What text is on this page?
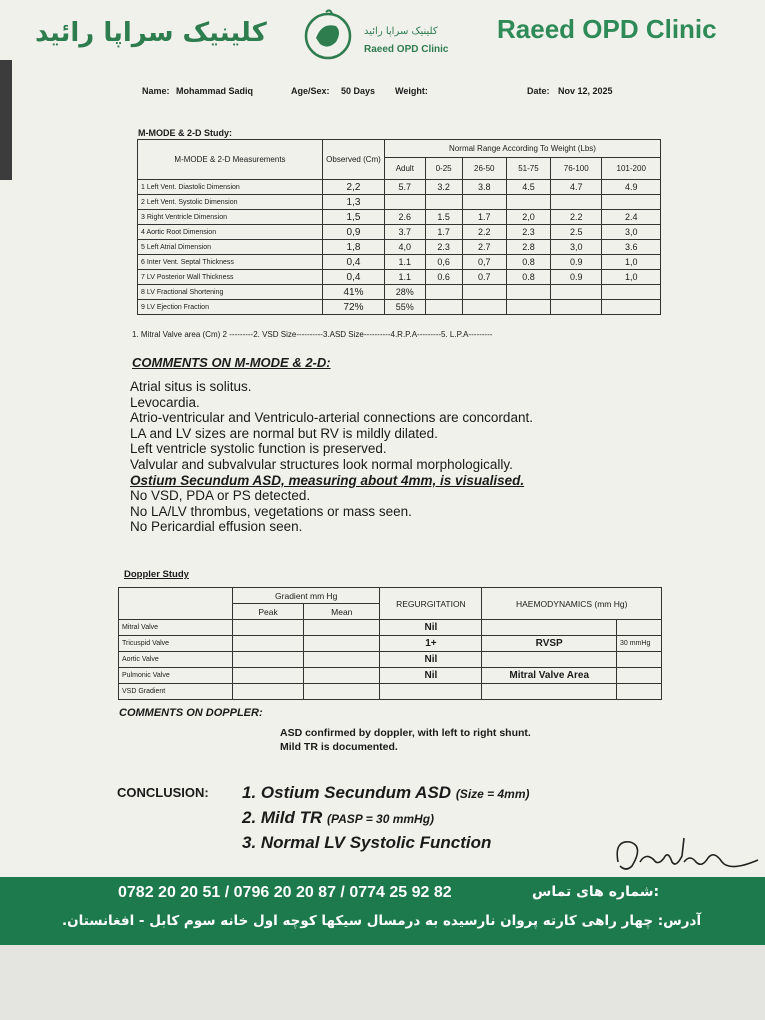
کلینیک سراپا رائید	کلینیک سراپا رائید
Raeed OPD Clinic
Raeed OPD Clinic
Name: Mohammad Sadiq	Age/Sex: 50 Days Weight:	Date: Nov 12, 2025
M-MODE & 2-D Study:
M-MODE & 2-D Measurements	Observed (Cm)	Normal Range According To Weight (Lbs)					
		Adult	0-25	26-50	51-75	76-100	101-200
1 Left Vent. Diastolic Dimension	2,2	5.7	3.2	3.8	4.5	4.7	4.9
2 Left Vent. Systolic Dimension	1,3						
3 Right Ventricle Dimension	1,5	2.6	1.5	1.7	2,0	2.2	2.4
4 Aortic Root Dimension	0,9	3.7	1.7	2.2	2.3	2.5	3,0
5 Left Atrial Dimension	1,8	4,0	2.3	2.7	2.8	3,0	3.6
6 Inter Vent. Septal Thickness	0,4	1.1	0,6	0,7	0.8	0.9	1,0
7 LV Posterior Wall Thickness	0,4	1.1	0.6	0.7	0.8	0.9	1,0
8 LV Fractional Shortening	41%	28%					
9 LV Ejection Fraction	72%	55%					
1. Mitral Valve area (Cm) 2 ---------2. VSD Size----------3.ASD Size----------4.R.P.A---------5. L.P.A---------
COMMENTS ON M-MODE & 2-D:
Atrial situs is solitus.
Levocardia.
Atrio-ventricular and Ventriculo-arterial connections are concordant.
LA and LV sizes are normal but RV is mildly dilated.
Left ventricle systolic function is preserved.
Valvular and subvalvular structures look normal morphologically.
Ostium Secundum ASD, measuring about 4mm, is visualised.
No VSD, PDA or PS detected.
No LA/LV thrombus, vegetations or mass seen.
No Pericardial effusion seen.
Doppler Study
	Gradient mm Hg		REGURGITATION	HAEMODYNAMICS (mm Hg)	
	Peak	Mean			
Mitral Valve			Nil		
Tricuspid Valve			1+	RVSP	30 mmHg
Aortic Valve			Nil		
Pulmonic Valve			Nil	Mitral Valve Area	
VSD Gradient					
COMMENTS ON DOPPLER:
ASD confirmed by doppler, with left to right shunt.
Mild TR is documented.
CONCLUSION: 1. Ostium Secundum ASD (Size = 4mm)
2. Mild TR (PASP = 30 mmHg)
3. Normal LV Systolic Function
0782 20 20 51 / 0796 20 20 87 / 0774 25 92 82	شماره های تماس:
آدرس: چهار راهی کارته پروان نارسیده به درمسال سیکها کوچه اول خانه سوم کابل - افغانستان.
